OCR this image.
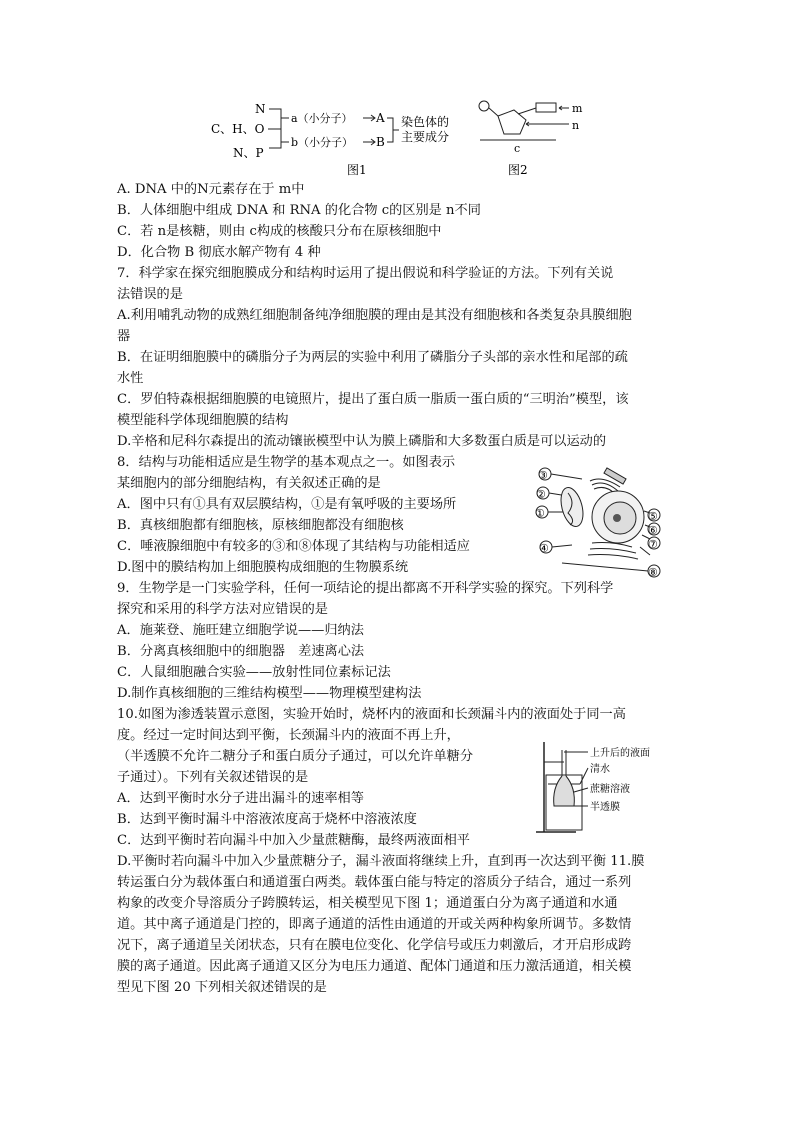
N
C、H、O
N、P
a（小分子）
b（小分子）
A
B
染色体的
主要成分
图1
m
n
c
图2
③
②
①
④
⑤
⑥
⑦
⑧
上升后的液面
清水
蔗糖溶液
半透膜
A. DNA 中的N元素存在于 m中
B．人体细胞中组成 DNA 和 RNA 的化合物 c的区别是 n不同
C．若 n是核糖，则由 c构成的核酸只分布在原核细胞中
D．化合物 B 彻底水解产物有 4 种
7．科学家在探究细胞膜成分和结构时运用了提出假说和科学验证的方法。下列有关说
法错误的是
A.利用哺乳动物的成熟红细胞制备纯净细胞膜的理由是其没有细胞核和各类复杂具膜细胞
器
B．在证明细胞膜中的磷脂分子为两层的实验中利用了磷脂分子头部的亲水性和尾部的疏
水性
C．罗伯特森根据细胞膜的电镜照片，提出了蛋白质一脂质一蛋白质的“三明治”模型，该
模型能科学体现细胞膜的结构
D.辛格和尼科尔森提出的流动镶嵌模型中认为膜上磷脂和大多数蛋白质是可以运动的
8．结构与功能相适应是生物学的基本观点之一。如图表示
某细胞内的部分细胞结构，有关叙述正确的是
A．图中只有①具有双层膜结构，①是有氧呼吸的主要场所
B．真核细胞都有细胞核，原核细胞都没有细胞核
C．唾液腺细胞中有较多的③和⑧体现了其结构与功能相适应
D.图中的膜结构加上细胞膜构成细胞的生物膜系统
9．生物学是一门实验学科，任何一项结论的提出都离不开科学实验的探究。下列科学
探究和采用的科学方法对应错误的是
A．施莱登、施旺建立细胞学说——归纳法
B．分离真核细胞中的细胞器　差速离心法
C．人鼠细胞融合实验——放射性同位素标记法
D.制作真核细胞的三维结构模型——物理模型建构法
10.如图为渗透装置示意图，实验开始时，烧杯内的液面和长颈漏斗内的液面处于同一高
度。经过一定时间达到平衡，长颈漏斗内的液面不再上升，
（半透膜不允许二糖分子和蛋白质分子通过，可以允许单糖分
子通过）。下列有关叙述错误的是
A．达到平衡时水分子进出漏斗的速率相等
B．达到平衡时漏斗中溶液浓度高于烧杯中溶液浓度
C．达到平衡时若向漏斗中加入少量蔗糖酶，最终两液面相平
D.平衡时若向漏斗中加入少量蔗糖分子，漏斗液面将继续上升，直到再一次达到平衡 11.膜
转运蛋白分为载体蛋白和通道蛋白两类。载体蛋白能与特定的溶质分子结合，通过一系列
构象的改变介导溶质分子跨膜转运，相关模型见下图 1；通道蛋白分为离子通道和水通
道。其中离子通道是门控的，即离子通道的活性由通道的开或关两种构象所调节。多数情
况下，离子通道呈关闭状态，只有在膜电位变化、化学信号或压力刺激后，才开启形成跨
膜的离子通道。因此离子通道又区分为电压力通道、配体门通道和压力激活通道，相关模
型见下图 20 下列相关叙述错误的是
